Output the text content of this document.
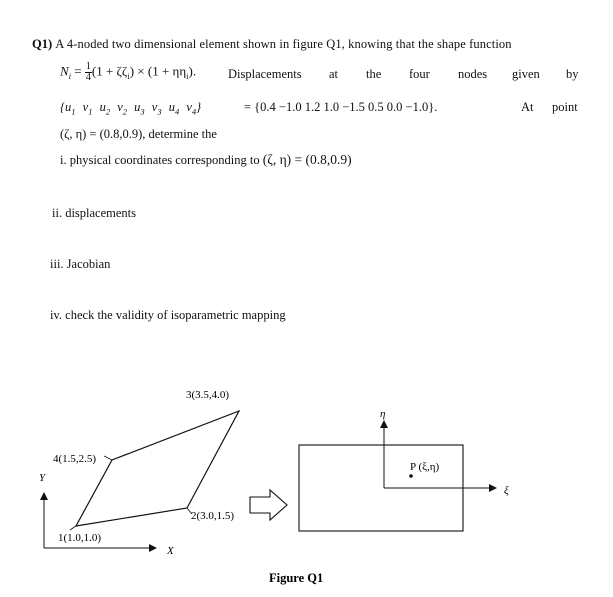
Q1) A 4-noded two dimensional element shown in figure Q1, knowing that the shape function
$N_i = \frac{1}{4} (1 + \zeta\zeta_i) \times (1 + \eta\eta_i)$.	Displacements at the four nodes given by
{$u_1$ $v_1$ $u_2$ $v_2$ $u_3$ $v_3$ $u_4$ $v_4$}	= {0.4 −1.0 1.2 1.0 −1.5 0.5 0.0 −1.0}.	At point
(ζ, η) = (0.8,0.9), determine the
i. physical coordinates corresponding to (ζ, η) = (0.8,0.9)
ii. displacements
iii. Jacobian
iv. check the validity of isoparametric mapping
Y
X
1(1.0,1.0)
2(3.0,1.5)
3(3.5,4.0)
4(1.5,2.5)
η
ξ
P (ξ,η)
Figure Q1
